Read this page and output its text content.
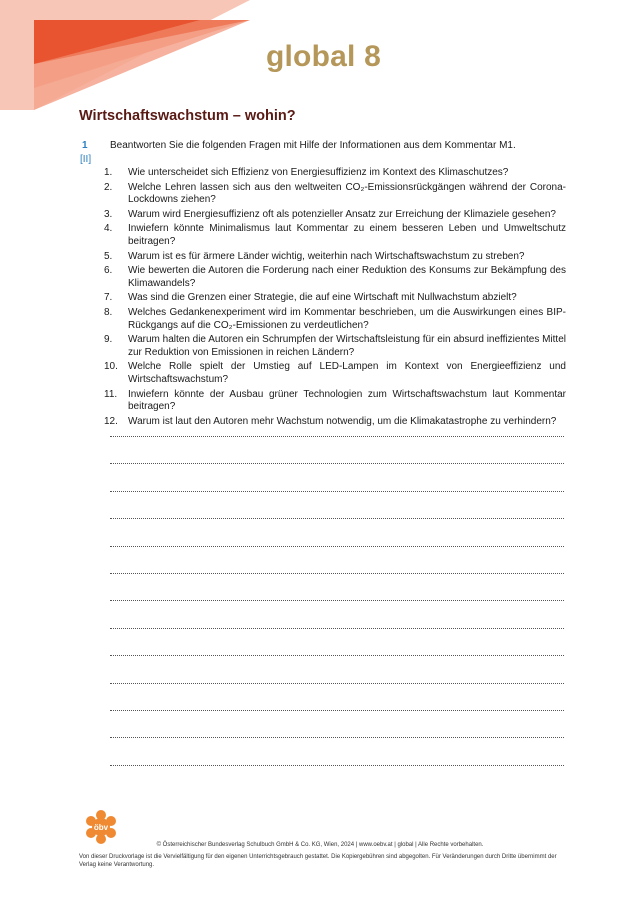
global 8
Wirtschaftswachstum – wohin?
1
[II]
Beantworten Sie die folgenden Fragen mit Hilfe der Informationen aus dem Kommentar M1.
1.	Wie unterscheidet sich Effizienz von Energiesuffizienz im Kontext des Klimaschutzes?
2.	Welche Lehren lassen sich aus den weltweiten CO₂-Emissionsrückgängen während der Corona-Lockdowns ziehen?
3.	Warum wird Energiesuffizienz oft als potenzieller Ansatz zur Erreichung der Klimaziele gesehen?
4.	Inwiefern könnte Minimalismus laut Kommentar zu einem besseren Leben und Umweltschutz beitragen?
5.	Warum ist es für ärmere Länder wichtig, weiterhin nach Wirtschaftswachstum zu streben?
6.	Wie bewerten die Autoren die Forderung nach einer Reduktion des Konsums zur Bekämpfung des Klimawandels?
7.	Was sind die Grenzen einer Strategie, die auf eine Wirtschaft mit Nullwachstum abzielt?
8.	Welches Gedankenexperiment wird im Kommentar beschrieben, um die Auswirkungen eines BIP-Rückgangs auf die CO₂-Emissionen zu verdeutlichen?
9.	Warum halten die Autoren ein Schrumpfen der Wirtschaftsleistung für ein absurd ineffizientes Mittel zur Reduktion von Emissionen in reichen Ländern?
10.	Welche Rolle spielt der Umstieg auf LED-Lampen im Kontext von Energieeffizienz und Wirtschaftswachstum?
11.	Inwiefern könnte der Ausbau grüner Technologien zum Wirtschaftswachstum laut Kommentar beitragen?
12.	Warum ist laut den Autoren mehr Wachstum notwendig, um die Klimakatastrophe zu verhindern?
öbv
© Österreichischer Bundesverlag Schulbuch GmbH & Co. KG, Wien, 2024 | www.oebv.at | global | Alle Rechte vorbehalten.
Von dieser Druckvorlage ist die Vervielfältigung für den eigenen Unterrichtsgebrauch gestattet. Die Kopiergebühren sind abgegolten. Für Veränderungen durch Dritte übernimmt der Verlag keine Verantwortung.
